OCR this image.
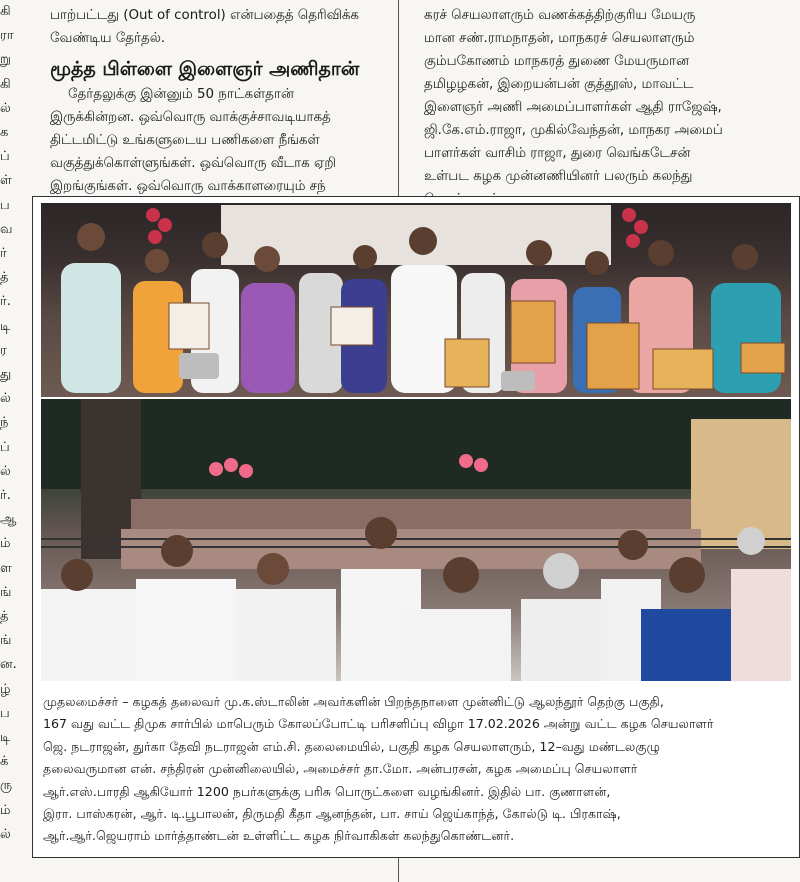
கி
ரா
று
கி
ல்
க
ப்
ள்
ப
வ
ர்
த்
ர்.
டி
ர
து
ல்
ந்
ப்
ல்
ர்.
ஆ
ம்
ள
ங்
த்
ங்
ன.
ழ்
ப
டி
க்
ரு
ம்
ல்
பாற்பட்டது (Out of control) என்பதைத் தெரிவிக்க
வேண்டிய தேர்தல்.
மூத்த பிள்ளை இளைஞர் அணிதான்
தேர்தலுக்கு இன்னும் 50 நாட்கள்தான்
இருக்கின்றன. ஒவ்வொரு வாக்குச்சாவடியாகத்
திட்டமிட்டு உங்களுடைய பணிகளை நீங்கள்
வகுத்துக்கொள்ளுங்கள். ஒவ்வொரு வீடாக ஏறி
இறங்குங்கள். ஒவ்வொரு வாக்காளரையும் சந்
கரச் செயலாளரும் வணக்கத்திற்குரிய மேயரு
மான சண்.ராமநாதன், மாநகரச் செயலாளரும்
கும்பகோணம் மாநகரத் துணை மேயருமான
தமிழழகன், இறையன்பன் குத்தூஸ், மாவட்ட
இளைஞர் அணி அமைப்பாளர்கள் ஆதி ராஜேஷ்,
ஜி.கே.எம்.ராஜா, முகில்வேந்தன், மாநகர அமைப்
பாளர்கள் வாசிம் ராஜா, துரை வெங்கடேசன்
உள்பட கழக முன்னணியினர் பலரும் கலந்து
முதலமைச்சர் – கழகத் தலைவர் மு.க.ஸ்டாலின் அவர்களின் பிறந்தநாளை முன்னிட்டு ஆலந்தூர் தெற்கு பகுதி,
167 வது வட்ட திமுக சார்பில் மாபெரும் கோலப்போட்டி பரிசளிப்பு விழா 17.02.2026 அன்று வட்ட கழக செயலாளர்
ஜெ. நடராஜன், துர்கா தேவி நடராஜன் எம்.சி. தலைமையில், பகுதி கழக செயலாளரும், 12–வது மண்டலகுழு
தலைவருமான என். சந்திரன் முன்னிலையில், அமைச்சர் தா.மோ. அன்பரசன், கழக அமைப்பு செயலாளர்
ஆர்.எஸ்.பாரதி ஆகியோர் 1200 நபர்களுக்கு பரிசு பொருட்களை வழங்கினர். இதில் பா. குணாளன்,
இரா. பாஸ்கரன், ஆர். டி.பூபாலன், திருமதி கீதா ஆனந்தன், பா. சாய் ஜெய்காந்த், கோல்டு டி. பிரகாஷ்,
ஆர்.ஆர்.ஜெயராம் மார்த்தாண்டன் உள்ளிட்ட கழக நிர்வாகிகள் கலந்துகொண்டனர்.
